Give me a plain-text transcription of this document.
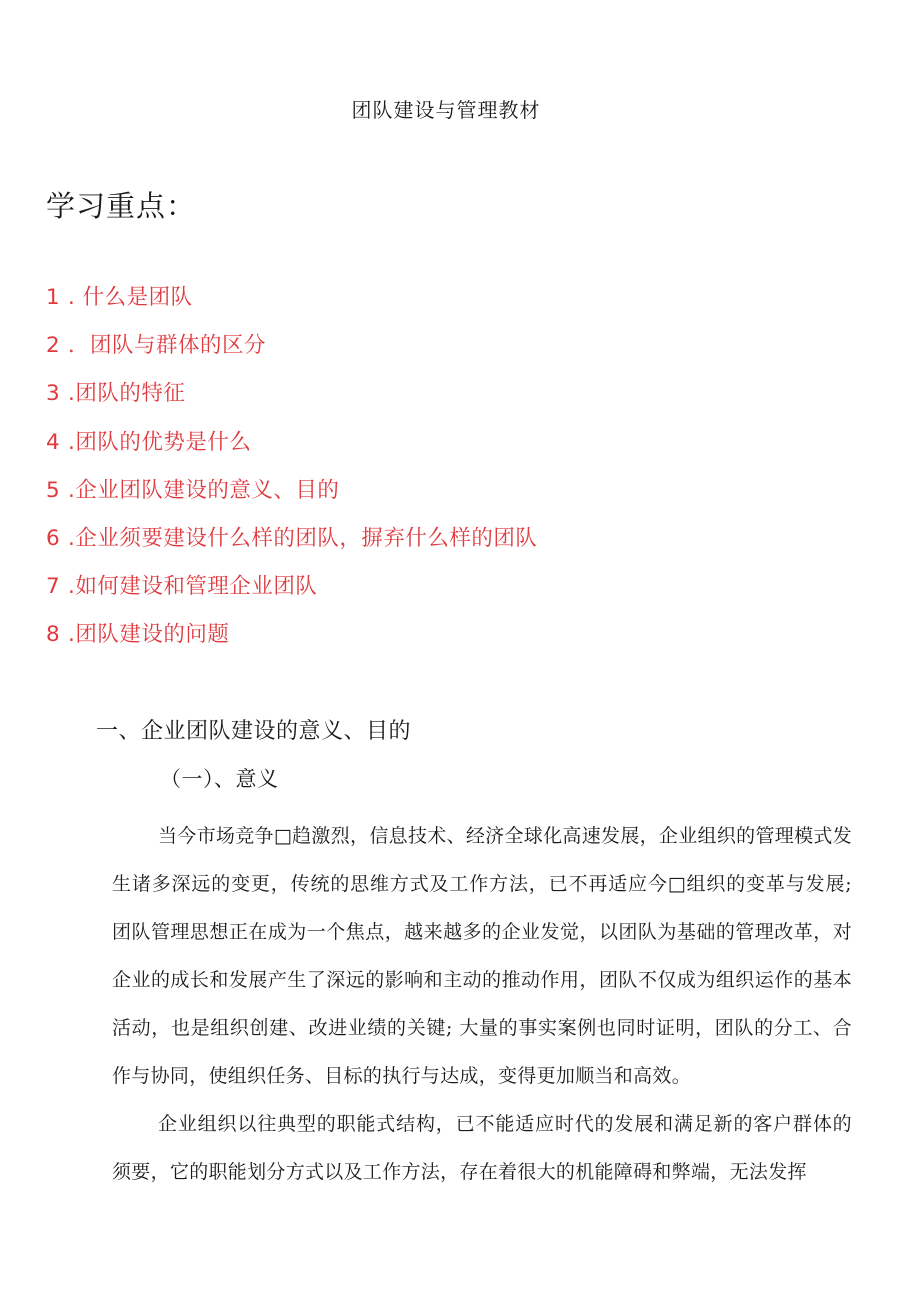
团队建设与管理教材
学习重点：
1 . 什么是团队
2 ．团队与群体的区分
3 .团队的特征
4 .团队的优势是什么
5 .企业团队建设的意义、目的
6 .企业须要建设什么样的团队，摒弃什么样的团队
7 .如何建设和管理企业团队
8 .团队建设的问题
一、企业团队建设的意义、目的
（一）、意义

当今市场竞争□趋激烈，信息技术、经济全球化高速发展，企业组织的管理模式发生诸多深远的变更，传统的思维方式及工作方法，已不再适应今□组织的变革与发展; 团队管理思想正在成为一个焦点，越来越多的企业发觉，以团队为基础的管理改革，对企业的成长和发展产生了深远的影响和主动的推动作用，团队不仅成为组织运作的基本活动，也是组织创建、改进业绩的关键; 大量的事实案例也同时证明，团队的分工、合作与协同，使组织任务、目标的执行与达成，变得更加顺当和高效。

企业组织以往典型的职能式结构，已不能适应时代的发展和满足新的客户群体的须要，它的职能划分方式以及工作方法，存在着很大的机能障碍和弊端，无法发挥
